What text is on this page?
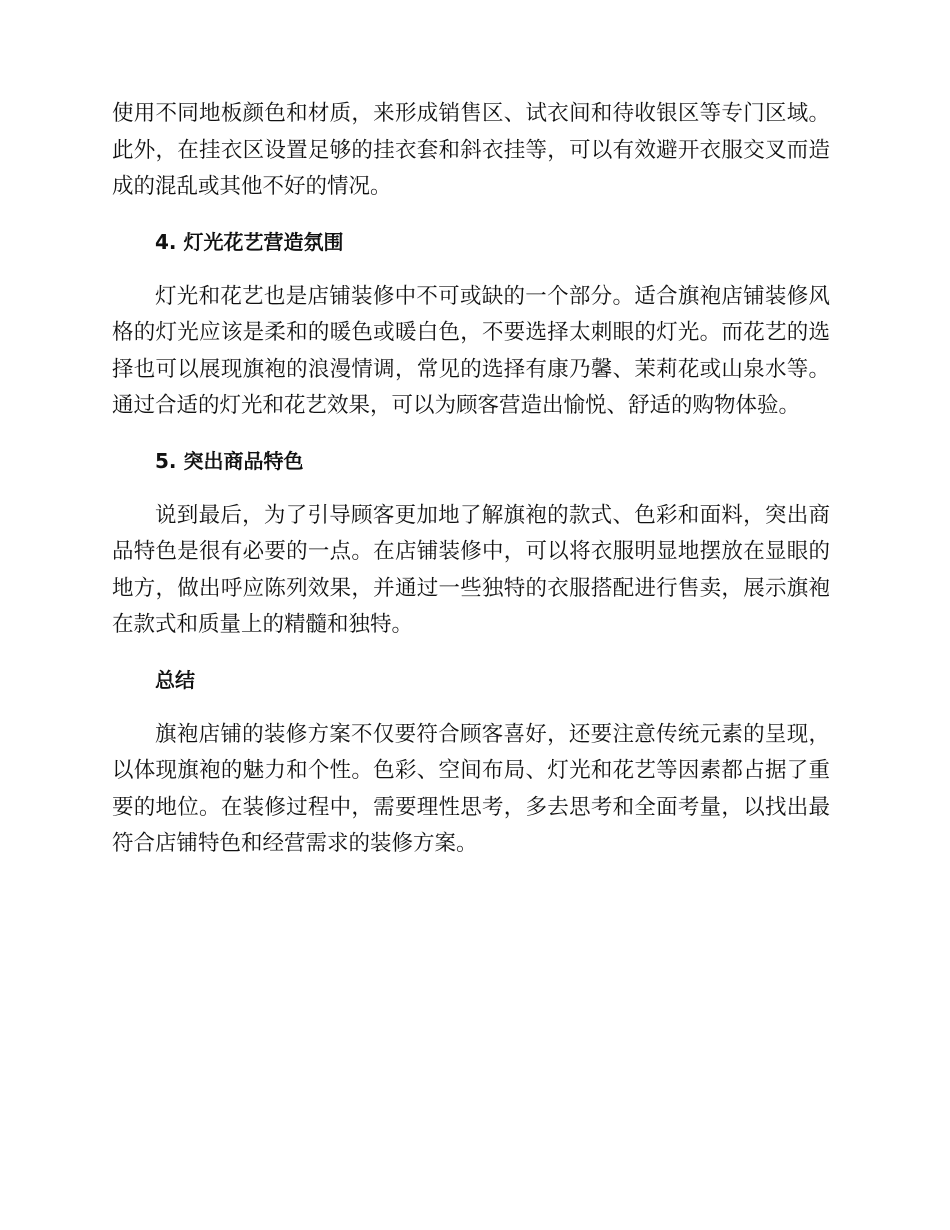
使用不同地板颜色和材质，来形成销售区、试衣间和待收银区等专门区域。此外，在挂衣区设置足够的挂衣套和斜衣挂等，可以有效避开衣服交叉而造成的混乱或其他不好的情况。

4. 灯光花艺营造氛围

灯光和花艺也是店铺装修中不可或缺的一个部分。适合旗袍店铺装修风格的灯光应该是柔和的暖色或暖白色，不要选择太刺眼的灯光。而花艺的选择也可以展现旗袍的浪漫情调，常见的选择有康乃馨、茉莉花或山泉水等。通过合适的灯光和花艺效果，可以为顾客营造出愉悦、舒适的购物体验。

5. 突出商品特色

说到最后，为了引导顾客更加地了解旗袍的款式、色彩和面料，突出商品特色是很有必要的一点。在店铺装修中，可以将衣服明显地摆放在显眼的地方，做出呼应陈列效果，并通过一些独特的衣服搭配进行售卖，展示旗袍在款式和质量上的精髓和独特。

总结

旗袍店铺的装修方案不仅要符合顾客喜好，还要注意传统元素的呈现，以体现旗袍的魅力和个性。色彩、空间布局、灯光和花艺等因素都占据了重要的地位。在装修过程中，需要理性思考，多去思考和全面考量，以找出最符合店铺特色和经营需求的装修方案。
